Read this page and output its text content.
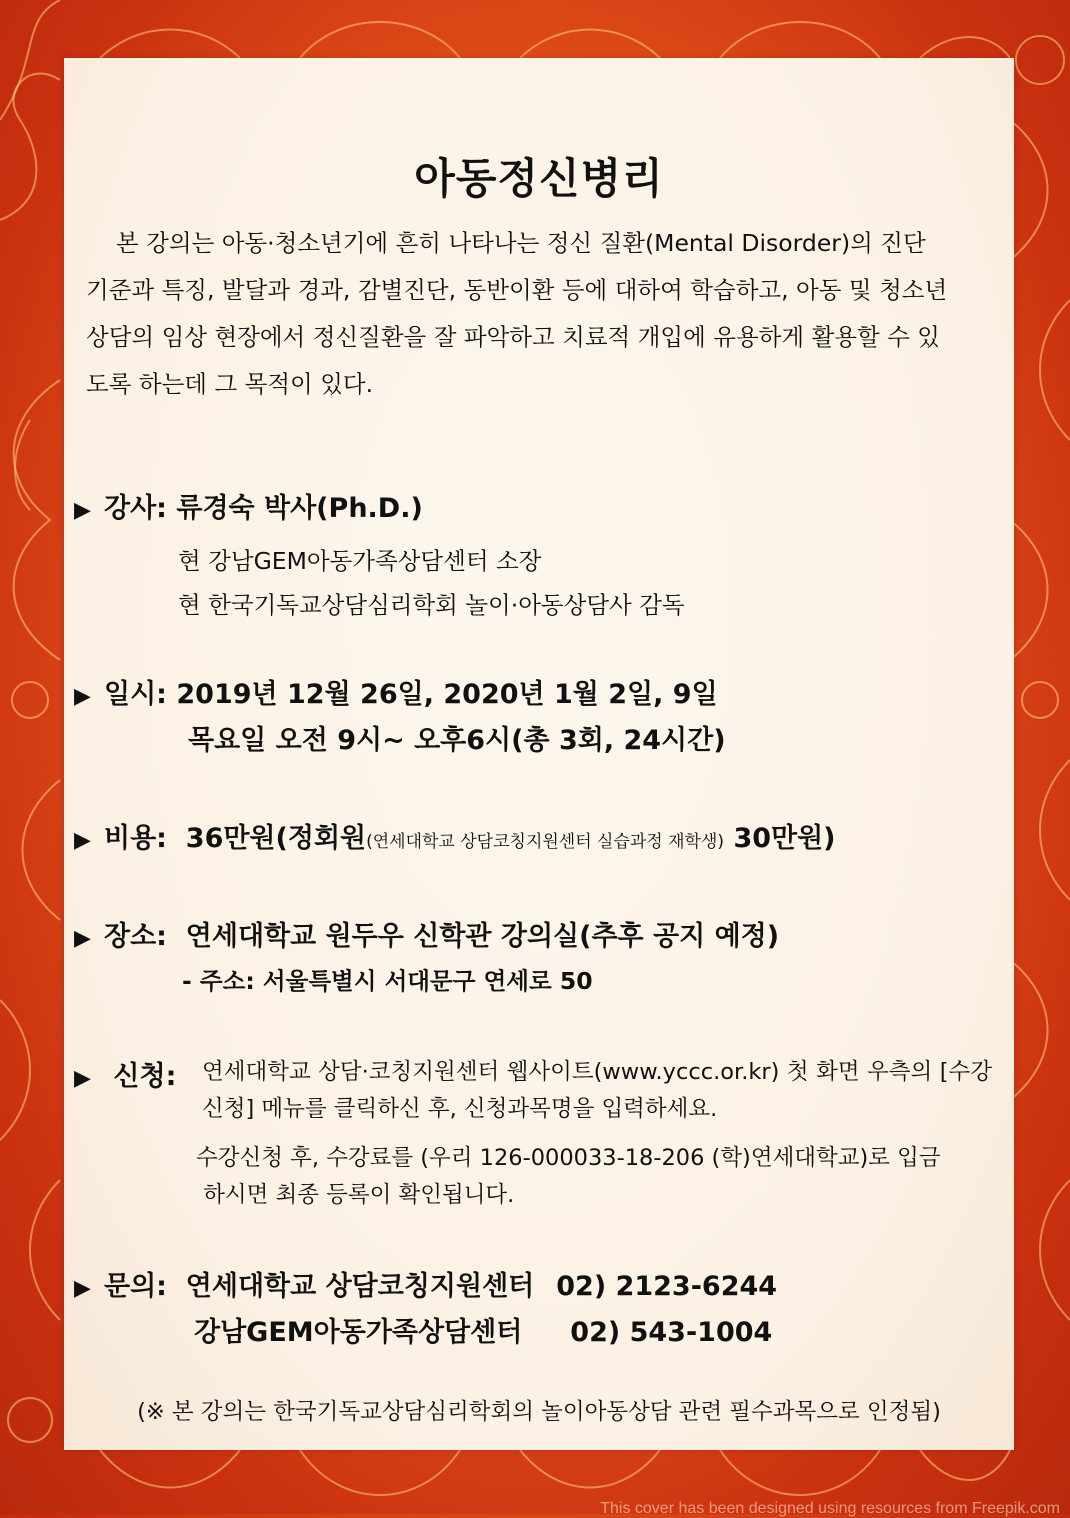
아동정신병리

본 강의는 아동·청소년기에 흔히 나타나는 정신 질환(Mental Disorder)의 진단
기준과 특징, 발달과 경과, 감별진단, 동반이환 등에 대하여 학습하고, 아동 및 청소년
상담의 임상 현장에서 정신질환을 잘 파악하고 치료적 개입에 유용하게 활용할 수 있
도록 하는데 그 목적이 있다.

▶ 강사: 류경숙 박사(Ph.D.)
현 강남GEM아동가족상담센터 소장
현 한국기독교상담심리학회 놀이·아동상담사 감독
▶ 일시: 2019년 12월 26일, 2020년 1월 2일, 9일
목요일 오전 9시~ 오후6시(총 3회, 24시간)
▶ 비용: 36만원(정회원(연세대학교 상담코칭지원센터 실습과정 재학생) 30만원)
▶ 장소: 연세대학교 원두우 신학관 강의실(추후 공지 예정)
- 주소: 서울특별시 서대문구 연세로 50
▶ 신청: 연세대학교 상담·코칭지원센터 웹사이트(www.yccc.or.kr) 첫 화면 우측의 [수강신청] 메뉴를 클릭하신 후, 신청과목명을 입력하세요.

수강신청 후, 수강료를 (우리 126-000033-18-206 (학)연세대학교)로 입금
하시면 최종 등록이 확인됩니다.

▶ 문의: 연세대학교 상담코칭지원센터 02) 2123-6244
강남GEM아동가족상담센터 02) 543-1004
(※ 본 강의는 한국기독교상담심리학회의 놀이아동상담 관련 필수과목으로 인정됨)
This cover has been designed using resources from Freepik.com
